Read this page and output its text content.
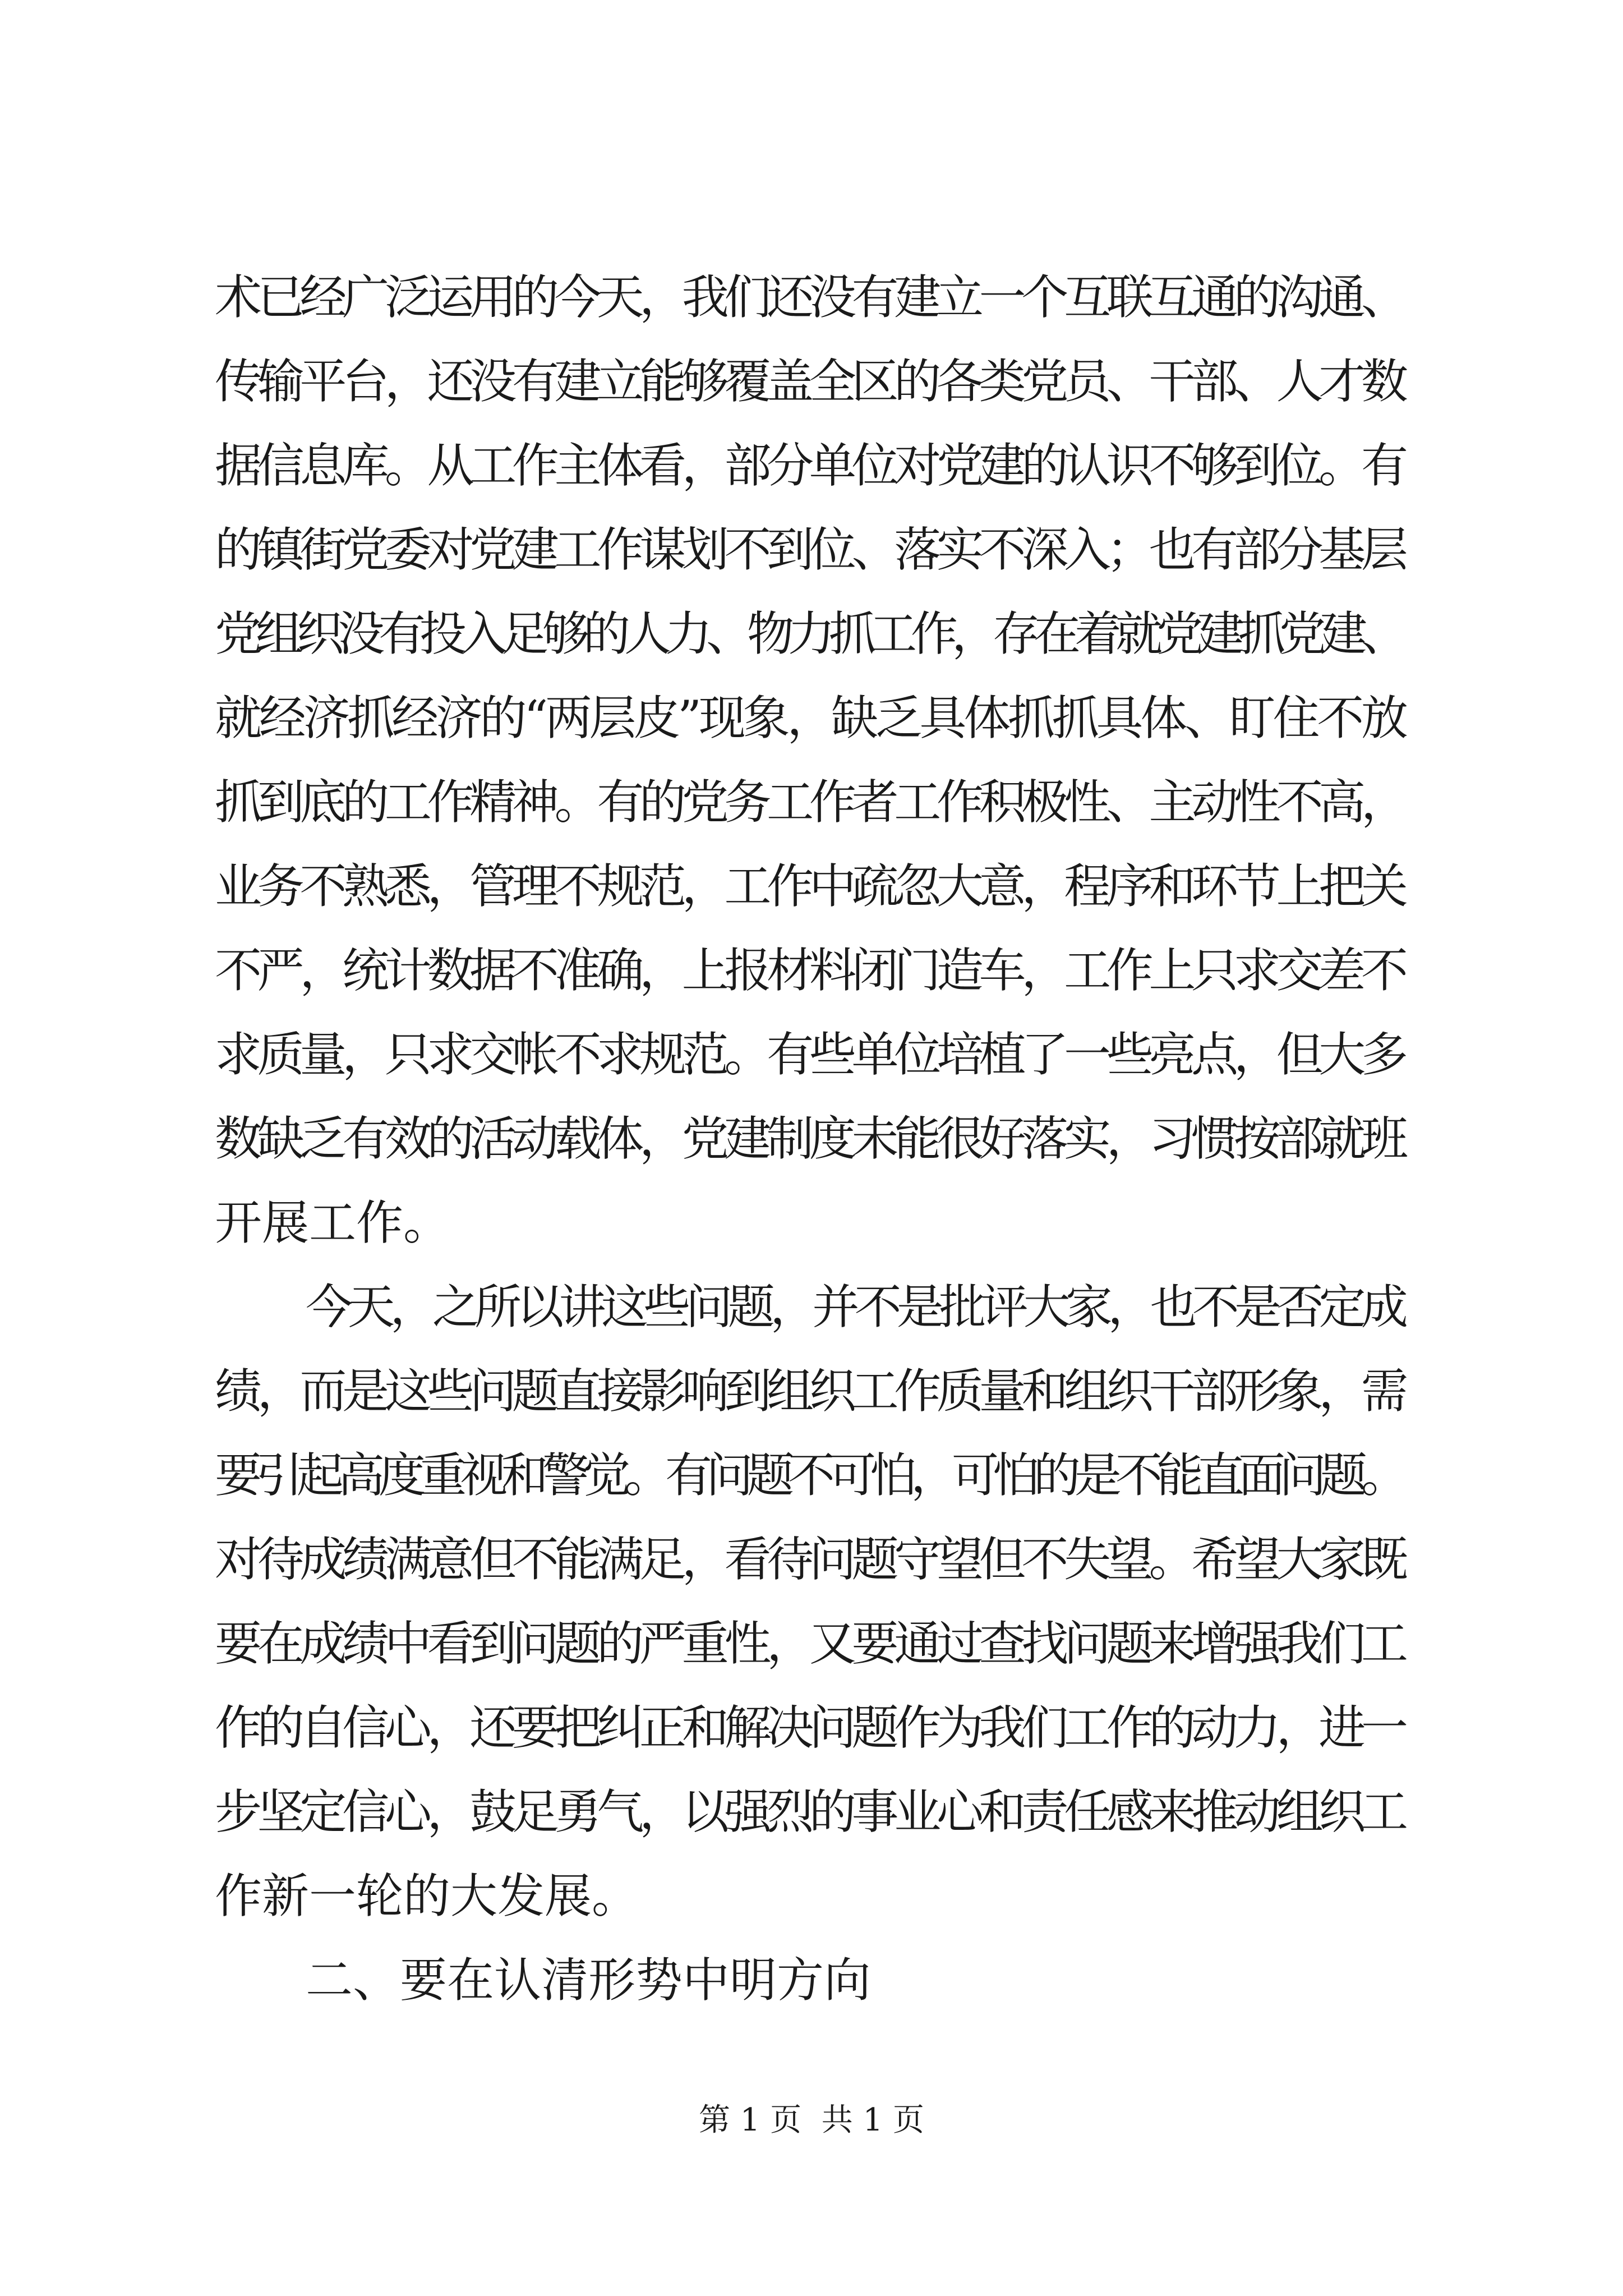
术已经广泛运用的今天，我们还没有建立一个互联互通的沟通、
传输平台，还没有建立能够覆盖全区的各类党员、干部、人才数
据信息库。从工作主体看，部分单位对党建的认识不够到位。有
的镇街党委对党建工作谋划不到位、落实不深入；也有部分基层
党组织没有投入足够的人力、物力抓工作，存在着就党建抓党建、
就经济抓经济的“两层皮”现象，缺乏具体抓抓具体、盯住不放
抓到底的工作精神。有的党务工作者工作积极性、主动性不高，
业务不熟悉，管理不规范，工作中疏忽大意，程序和环节上把关
不严，统计数据不准确，上报材料闭门造车，工作上只求交差不
求质量，只求交帐不求规范。有些单位培植了一些亮点，但大多
数缺乏有效的活动载体，党建制度未能很好落实，习惯按部就班
开展工作。
今天，之所以讲这些问题，并不是批评大家，也不是否定成
绩，而是这些问题直接影响到组织工作质量和组织干部形象，需
要引起高度重视和警觉。有问题不可怕，可怕的是不能直面问题。
对待成绩满意但不能满足，看待问题守望但不失望。希望大家既
要在成绩中看到问题的严重性，又要通过查找问题来增强我们工
作的自信心，还要把纠正和解决问题作为我们工作的动力，进一
步坚定信心，鼓足勇气，以强烈的事业心和责任感来推动组织工
作新一轮的大发展。
二、要在认清形势中明方向
第 1 页  共 1 页
